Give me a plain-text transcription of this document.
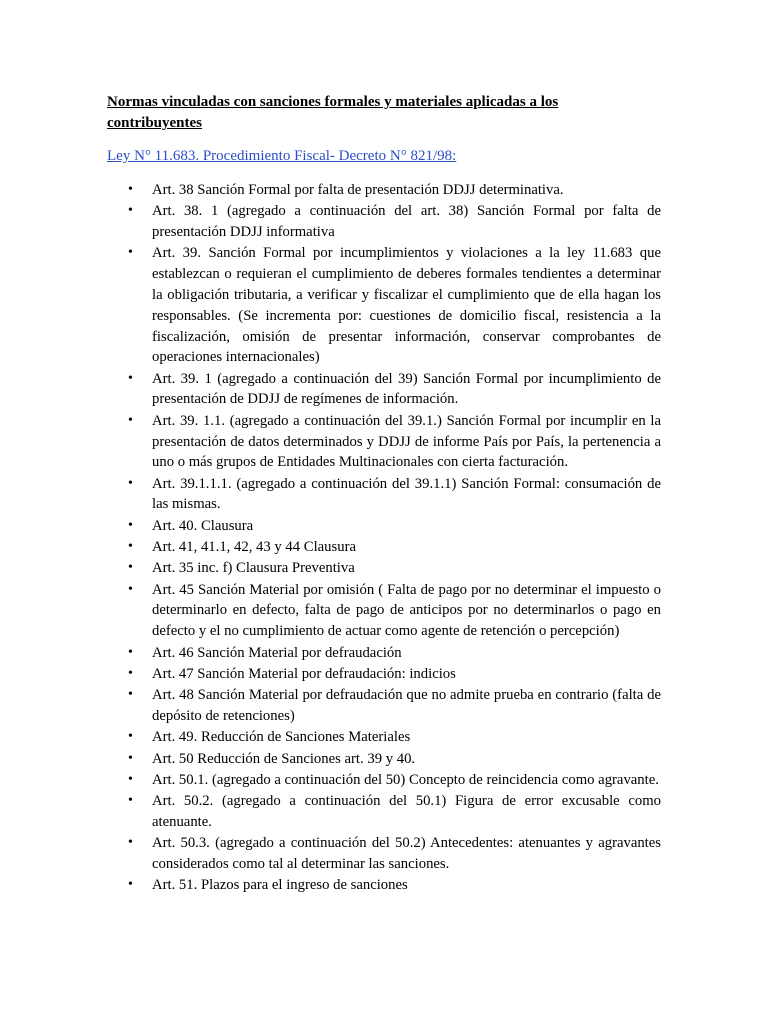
Normas vinculadas con sanciones formales y materiales aplicadas a los contribuyentes

Ley N° 11.683. Procedimiento Fiscal- Decreto N° 821/98:
• Art. 38 Sanción Formal por falta de presentación DDJJ determinativa.
• Art. 38. 1 (agregado a continuación del art. 38) Sanción Formal por falta de presentación DDJJ informativa
• Art. 39. Sanción Formal por incumplimientos y violaciones a la ley 11.683 que establezcan o requieran el cumplimiento de deberes formales tendientes a determinar la obligación tributaria, a verificar y fiscalizar el cumplimiento que de ella hagan los responsables. (Se incrementa por: cuestiones de domicilio fiscal, resistencia a la fiscalización, omisión de presentar información, conservar comprobantes de operaciones internacionales)
• Art. 39. 1 (agregado a continuación del 39) Sanción Formal por incumplimiento de presentación de DDJJ de regímenes de información.
• Art. 39. 1.1. (agregado a continuación del 39.1.) Sanción Formal por incumplir en la presentación de datos determinados y DDJJ de informe País por País, la pertenencia a uno o más grupos de Entidades Multinacionales con cierta facturación.
• Art. 39.1.1.1. (agregado a continuación del 39.1.1) Sanción Formal: consumación de las mismas.
• Art. 40. Clausura
• Art. 41, 41.1, 42, 43 y 44 Clausura
• Art. 35 inc. f) Clausura Preventiva
• Art. 45 Sanción Material por omisión ( Falta de pago por no determinar el impuesto o determinarlo en defecto, falta de pago de anticipos por no determinarlos o pago en defecto y el no cumplimiento de actuar como agente de retención o percepción)
• Art. 46 Sanción Material por defraudación
• Art. 47 Sanción Material por defraudación: indicios
• Art. 48 Sanción Material por defraudación que no admite prueba en contrario (falta de depósito de retenciones)
• Art. 49. Reducción de Sanciones Materiales
• Art. 50 Reducción de Sanciones art. 39 y 40.
• Art. 50.1. (agregado a continuación del 50) Concepto de reincidencia como agravante.
• Art. 50.2. (agregado a continuación del 50.1) Figura de error excusable como atenuante.
• Art. 50.3. (agregado a continuación del 50.2) Antecedentes: atenuantes y agravantes considerados como tal al determinar las sanciones.
• Art. 51. Plazos para el ingreso de sanciones
